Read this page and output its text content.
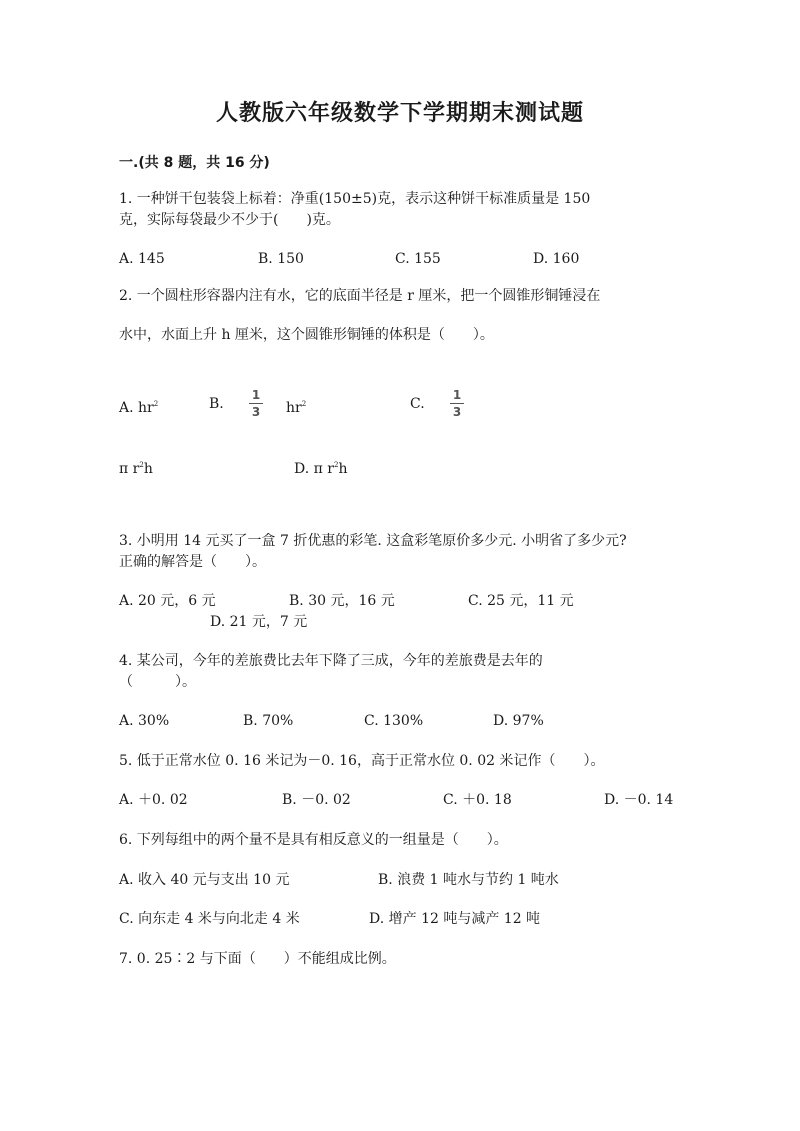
人教版六年级数学下学期期末测试题
一.(共 8 题，共 16 分)
1. 一种饼干包装袋上标着：净重(150±5)克，表示这种饼干标准质量是 150
克，实际每袋最少不少于(　　)克。
A. 145	B. 150	C. 155	D. 160
2. 一个圆柱形容器内注有水，它的底面半径是 r 厘米，把一个圆锥形铜锤浸在
水中，水面上升 h 厘米，这个圆锥形铜锤的体积是（　　）。
A. $hr^2$	B.
1
3 $hr^2$	C.
1
3
π $r^2h$	D. π $r^2h$
3. 小明用 14 元买了一盒 7 折优惠的彩笔. 这盒彩笔原价多少元. 小明省了多少元?
正确的解答是（　　）。
A. 20 元，6 元	B. 30 元，16 元	C. 25 元，11 元
D. 21 元，7 元
4. 某公司，今年的差旅费比去年下降了三成，今年的差旅费是去年的
（　　　）。
A. 30%	B. 70%	C. 130%	D. 97%
5. 低于正常水位 0. 16 米记为－0. 16，高于正常水位 0. 02 米记作（　　）。
A. ＋0. 02	B. －0. 02	C. ＋0. 18	D. －0. 14
6. 下列每组中的两个量不是具有相反意义的一组量是（　　）。
A. 收入 40 元与支出 10 元	B. 浪费 1 吨水与节约 1 吨水
C. 向东走 4 米与向北走 4 米	D. 增产 12 吨与减产 12 吨
7. 0. 25∶2 与下面（　　）不能组成比例。
